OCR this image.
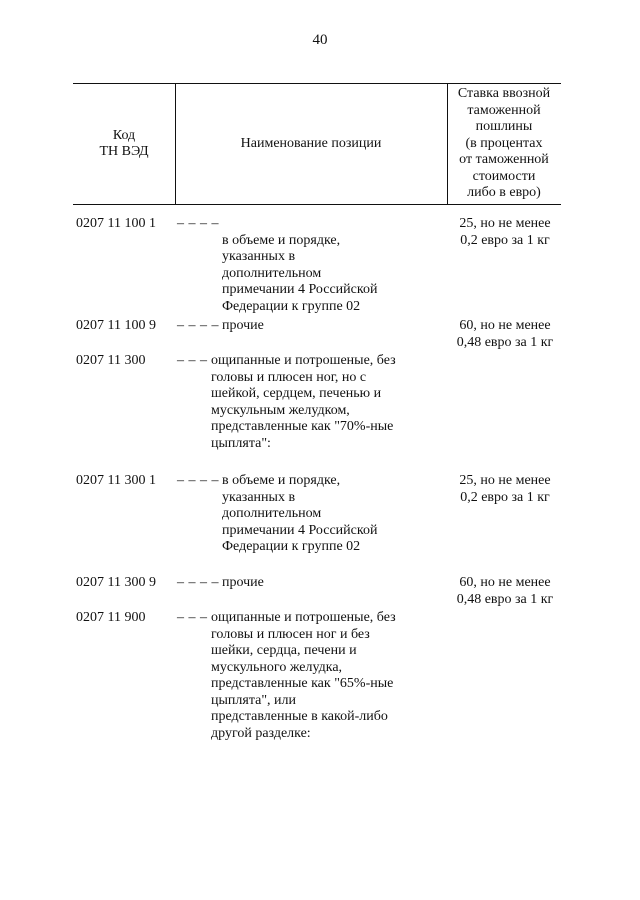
40
Код
ТН ВЭД
Наименование позиции
Ставка ввозной
таможенной
пошлины
(в процентах
от таможенной
стоимости
либо в евро)
0207 11 100 1 – – – –

в объеме и порядке,
указанных в
дополнительном
примечании 4 Российской
Федерации к группе 02

25, но не менее
0,2 евро за 1 кг
0207 11 100 9 – – – – прочие	60, но не менее
0,48 евро за 1 кг
0207 11 300 – – – ощипанные и потрошеные, без
головы и плюсен ног, но с
шейкой, сердцем, печенью и
мускульным желудком,
представленные как "70%-ные
цыплята":
0207 11 300 1 – – – – в объеме и порядке,
указанных в
дополнительном
примечании 4 Российской
Федерации к группе 02
25, но не менее
0,2 евро за 1 кг
0207 11 300 9 – – – – прочие	60, но не менее
0,48 евро за 1 кг
0207 11 900 – – – ощипанные и потрошеные, без
головы и плюсен ног и без
шейки, сердца, печени и
мускульного желудка,
представленные как "65%-ные
цыплята", или
представленные в какой-либо
другой разделке:
